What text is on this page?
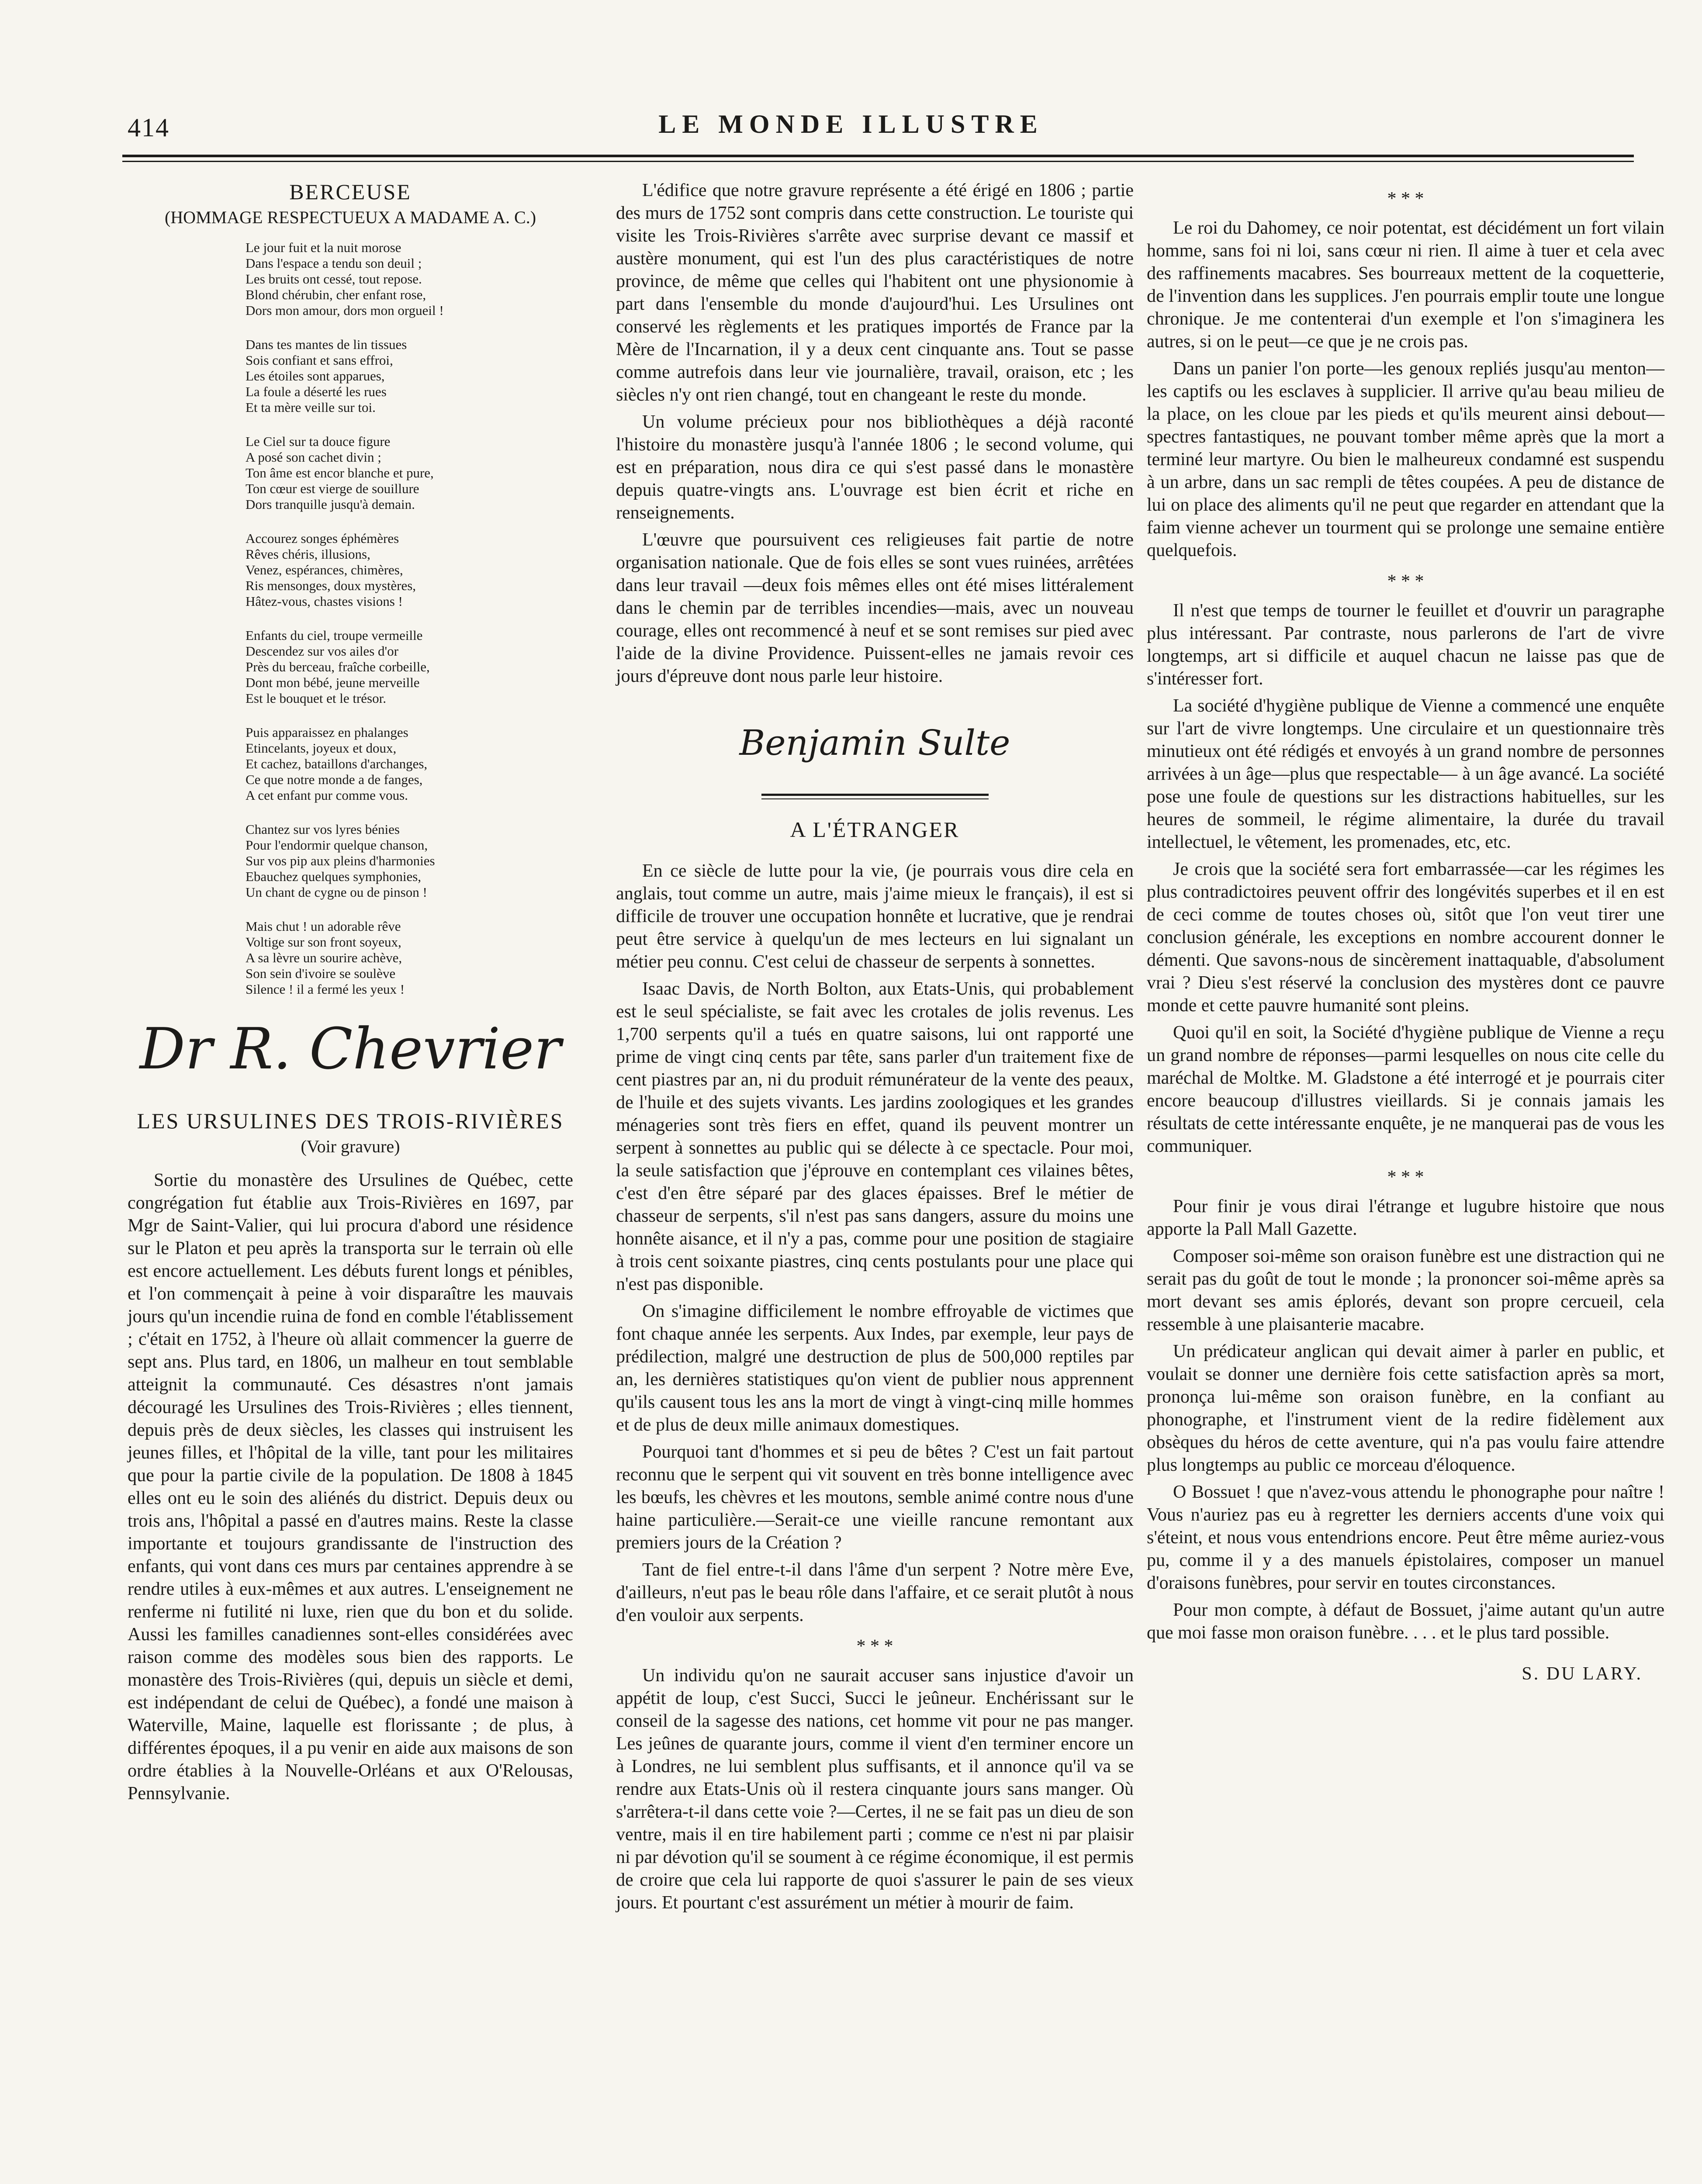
414	LE MONDE ILLUSTRE
BERCEUSE
(HOMMAGE RESPECTUEUX A MADAME A. C.)
Le jour fuit et la nuit morose
Dans l'espace a tendu son deuil ;
Les bruits ont cessé, tout repose.
Blond chérubin, cher enfant rose,
Dors mon amour, dors mon orgueil !
Dans tes mantes de lin tissues
Sois confiant et sans effroi,
Les étoiles sont apparues,
La foule a déserté les rues
Et ta mère veille sur toi.
Le Ciel sur ta douce figure
A posé son cachet divin ;
Ton âme est encor blanche et pure,
Ton cœur est vierge de souillure
Dors tranquille jusqu'à demain.
Accourez songes éphémères
Rêves chéris, illusions,
Venez, espérances, chimères,
Ris mensonges, doux mystères,
Hâtez-vous, chastes visions !
Enfants du ciel, troupe vermeille
Descendez sur vos ailes d'or
Près du berceau, fraîche corbeille,
Dont mon bébé, jeune merveille
Est le bouquet et le trésor.
Puis apparaissez en phalanges
Etincelants, joyeux et doux,
Et cachez, bataillons d'archanges,
Ce que notre monde a de fanges,
A cet enfant pur comme vous.
Chantez sur vos lyres bénies
Pour l'endormir quelque chanson,
Sur vos pip aux pleins d'harmonies
Ebauchez quelques symphonies,
Un chant de cygne ou de pinson !
Mais chut ! un adorable rêve
Voltige sur son front soyeux,
A sa lèvre un sourire achève,
Son sein d'ivoire se soulève
Silence ! il a fermé les yeux !
Dr R. Chevrier
LES URSULINES DES TROIS-RIVIÈRES
(Voir gravure)

Sortie du monastère des Ursulines de Québec, cette congrégation fut établie aux Trois-Rivières en 1697, par Mgr de Saint-Valier, qui lui procura d'abord une résidence sur le Platon et peu après la transporta sur le terrain où elle est encore actuellement. Les débuts furent longs et pénibles, et l'on commençait à peine à voir disparaître les mauvais jours qu'un incendie ruina de fond en comble l'établissement ; c'était en 1752, à l'heure où allait commencer la guerre de sept ans. Plus tard, en 1806, un malheur en tout semblable atteignit la communauté. Ces désastres n'ont jamais découragé les Ursulines des Trois-Rivières ; elles tiennent, depuis près de deux siècles, les classes qui instruisent les jeunes filles, et l'hôpital de la ville, tant pour les militaires que pour la partie civile de la population. De 1808 à 1845 elles ont eu le soin des aliénés du district. Depuis deux ou trois ans, l'hôpital a passé en d'autres mains. Reste la classe importante et toujours grandissante de l'instruction des enfants, qui vont dans ces murs par centaines apprendre à se rendre utiles à eux-mêmes et aux autres. L'enseignement ne renferme ni futilité ni luxe, rien que du bon et du solide. Aussi les familles canadiennes sont-elles considérées avec raison comme des modèles sous bien des rapports. Le monastère des Trois-Rivières (qui, depuis un siècle et demi, est indépendant de celui de Québec), a fondé une maison à Waterville, Maine, laquelle est florissante ; de plus, à différentes époques, il a pu venir en aide aux maisons de son ordre établies à la Nouvelle-Orléans et aux O'Relousas, Pennsylvanie.

L'édifice que notre gravure représente a été érigé en 1806 ; partie des murs de 1752 sont compris dans cette construction. Le touriste qui visite les Trois-Rivières s'arrête avec surprise devant ce massif et austère monument, qui est l'un des plus caractéristiques de notre province, de même que celles qui l'habitent ont une physionomie à part dans l'ensemble du monde d'aujourd'hui. Les Ursulines ont conservé les règlements et les pratiques importés de France par la Mère de l'Incarnation, il y a deux cent cinquante ans. Tout se passe comme autrefois dans leur vie journalière, travail, oraison, etc ; les siècles n'y ont rien changé, tout en changeant le reste du monde.

Un volume précieux pour nos bibliothèques a déjà raconté l'histoire du monastère jusqu'à l'année 1806 ; le second volume, qui est en préparation, nous dira ce qui s'est passé dans le monastère depuis quatre-vingts ans. L'ouvrage est bien écrit et riche en renseignements.

L'œuvre que poursuivent ces religieuses fait partie de notre organisation nationale. Que de fois elles se sont vues ruinées, arrêtées dans leur travail —deux fois mêmes elles ont été mises littéralement dans le chemin par de terribles incendies—mais, avec un nouveau courage, elles ont recommencé à neuf et se sont remises sur pied avec l'aide de la divine Providence. Puissent-elles ne jamais revoir ces jours d'épreuve dont nous parle leur histoire.

Benjamin Sulte
A L'ÉTRANGER

En ce siècle de lutte pour la vie, (je pourrais vous dire cela en anglais, tout comme un autre, mais j'aime mieux le français), il est si difficile de trouver une occupation honnête et lucrative, que je rendrai peut être service à quelqu'un de mes lecteurs en lui signalant un métier peu connu. C'est celui de chasseur de serpents à sonnettes.

Isaac Davis, de North Bolton, aux Etats-Unis, qui probablement est le seul spécialiste, se fait avec les crotales de jolis revenus. Les 1,700 serpents qu'il a tués en quatre saisons, lui ont rapporté une prime de vingt cinq cents par tête, sans parler d'un traitement fixe de cent piastres par an, ni du produit rémunérateur de la vente des peaux, de l'huile et des sujets vivants. Les jardins zoologiques et les grandes ménageries sont très fiers en effet, quand ils peuvent montrer un serpent à sonnettes au public qui se délecte à ce spectacle. Pour moi, la seule satisfaction que j'éprouve en contemplant ces vilaines bêtes, c'est d'en être séparé par des glaces épaisses. Bref le métier de chasseur de serpents, s'il n'est pas sans dangers, assure du moins une honnête aisance, et il n'y a pas, comme pour une position de stagiaire à trois cent soixante piastres, cinq cents postulants pour une place qui n'est pas disponible.

On s'imagine difficilement le nombre effroyable de victimes que font chaque année les serpents. Aux Indes, par exemple, leur pays de prédilection, malgré une destruction de plus de 500,000 reptiles par an, les dernières statistiques qu'on vient de publier nous apprennent qu'ils causent tous les ans la mort de vingt à vingt-cinq mille hommes et de plus de deux mille animaux domestiques.

Pourquoi tant d'hommes et si peu de bêtes ? C'est un fait partout reconnu que le serpent qui vit souvent en très bonne intelligence avec les bœufs, les chèvres et les moutons, semble animé contre nous d'une haine particulière.—Serait-ce une vieille rancune remontant aux premiers jours de la Création ?

Tant de fiel entre-t-il dans l'âme d'un serpent ? Notre mère Eve, d'ailleurs, n'eut pas le beau rôle dans l'affaire, et ce serait plutôt à nous d'en vouloir aux serpents.

* * *

Un individu qu'on ne saurait accuser sans injustice d'avoir un appétit de loup, c'est Succi, Succi le jeûneur. Enchérissant sur le conseil de la sagesse des nations, cet homme vit pour ne pas manger. Les jeûnes de quarante jours, comme il vient d'en terminer encore un à Londres, ne lui semblent plus suffisants, et il annonce qu'il va se rendre aux Etats-Unis où il restera cinquante jours sans manger. Où s'arrêtera-t-il dans cette voie ?—Certes, il ne se fait pas un dieu de son ventre, mais il en tire habilement parti ; comme ce n'est ni par plaisir ni par dévotion qu'il se soument à ce régime économique, il est permis de croire que cela lui rapporte de quoi s'assurer le pain de ses vieux jours. Et pourtant c'est assurément un métier à mourir de faim.

* * *

Le roi du Dahomey, ce noir potentat, est décidément un fort vilain homme, sans foi ni loi, sans cœur ni rien. Il aime à tuer et cela avec des raffinements macabres. Ses bourreaux mettent de la coquetterie, de l'invention dans les supplices. J'en pourrais emplir toute une longue chronique. Je me contenterai d'un exemple et l'on s'imaginera les autres, si on le peut—ce que je ne crois pas.

Dans un panier l'on porte—les genoux repliés jusqu'au menton—les captifs ou les esclaves à supplicier. Il arrive qu'au beau milieu de la place, on les cloue par les pieds et qu'ils meurent ainsi debout—spectres fantastiques, ne pouvant tomber même après que la mort a terminé leur martyre. Ou bien le malheureux condamné est suspendu à un arbre, dans un sac rempli de têtes coupées. A peu de distance de lui on place des aliments qu'il ne peut que regarder en attendant que la faim vienne achever un tourment qui se prolonge une semaine entière quelquefois.

* * *

Il n'est que temps de tourner le feuillet et d'ouvrir un paragraphe plus intéressant. Par contraste, nous parlerons de l'art de vivre longtemps, art si difficile et auquel chacun ne laisse pas que de s'intéresser fort.

La société d'hygiène publique de Vienne a commencé une enquête sur l'art de vivre longtemps. Une circulaire et un questionnaire très minutieux ont été rédigés et envoyés à un grand nombre de personnes arrivées à un âge—plus que respectable— à un âge avancé. La société pose une foule de questions sur les distractions habituelles, sur les heures de sommeil, le régime alimentaire, la durée du travail intellectuel, le vêtement, les promenades, etc, etc.

Je crois que la société sera fort embarrassée—car les régimes les plus contradictoires peuvent offrir des longévités superbes et il en est de ceci comme de toutes choses où, sitôt que l'on veut tirer une conclusion générale, les exceptions en nombre accourent donner le démenti. Que savons-nous de sincèrement inattaquable, d'absolument vrai ? Dieu s'est réservé la conclusion des mystères dont ce pauvre monde et cette pauvre humanité sont pleins.

Quoi qu'il en soit, la Société d'hygiène publique de Vienne a reçu un grand nombre de réponses—parmi lesquelles on nous cite celle du maréchal de Moltke. M. Gladstone a été interrogé et je pourrais citer encore beaucoup d'illustres vieillards. Si je connais jamais les résultats de cette intéressante enquête, je ne manquerai pas de vous les communiquer.

* * *

Pour finir je vous dirai l'étrange et lugubre histoire que nous apporte la Pall Mall Gazette.

Composer soi-même son oraison funèbre est une distraction qui ne serait pas du goût de tout le monde ; la prononcer soi-même après sa mort devant ses amis éplorés, devant son propre cercueil, cela ressemble à une plaisanterie macabre.

Un prédicateur anglican qui devait aimer à parler en public, et voulait se donner une dernière fois cette satisfaction après sa mort, prononça lui-même son oraison funèbre, en la confiant au phonographe, et l'instrument vient de la redire fidèlement aux obsèques du héros de cette aventure, qui n'a pas voulu faire attendre plus longtemps au public ce morceau d'éloquence.

O Bossuet ! que n'avez-vous attendu le phonographe pour naître ! Vous n'auriez pas eu à regretter les derniers accents d'une voix qui s'éteint, et nous vous entendrions encore. Peut être même auriez-vous pu, comme il y a des manuels épistolaires, composer un manuel d'oraisons funèbres, pour servir en toutes circonstances.

Pour mon compte, à défaut de Bossuet, j'aime autant qu'un autre que moi fasse mon oraison funèbre. . . . et le plus tard possible.

S. DU LARY.
